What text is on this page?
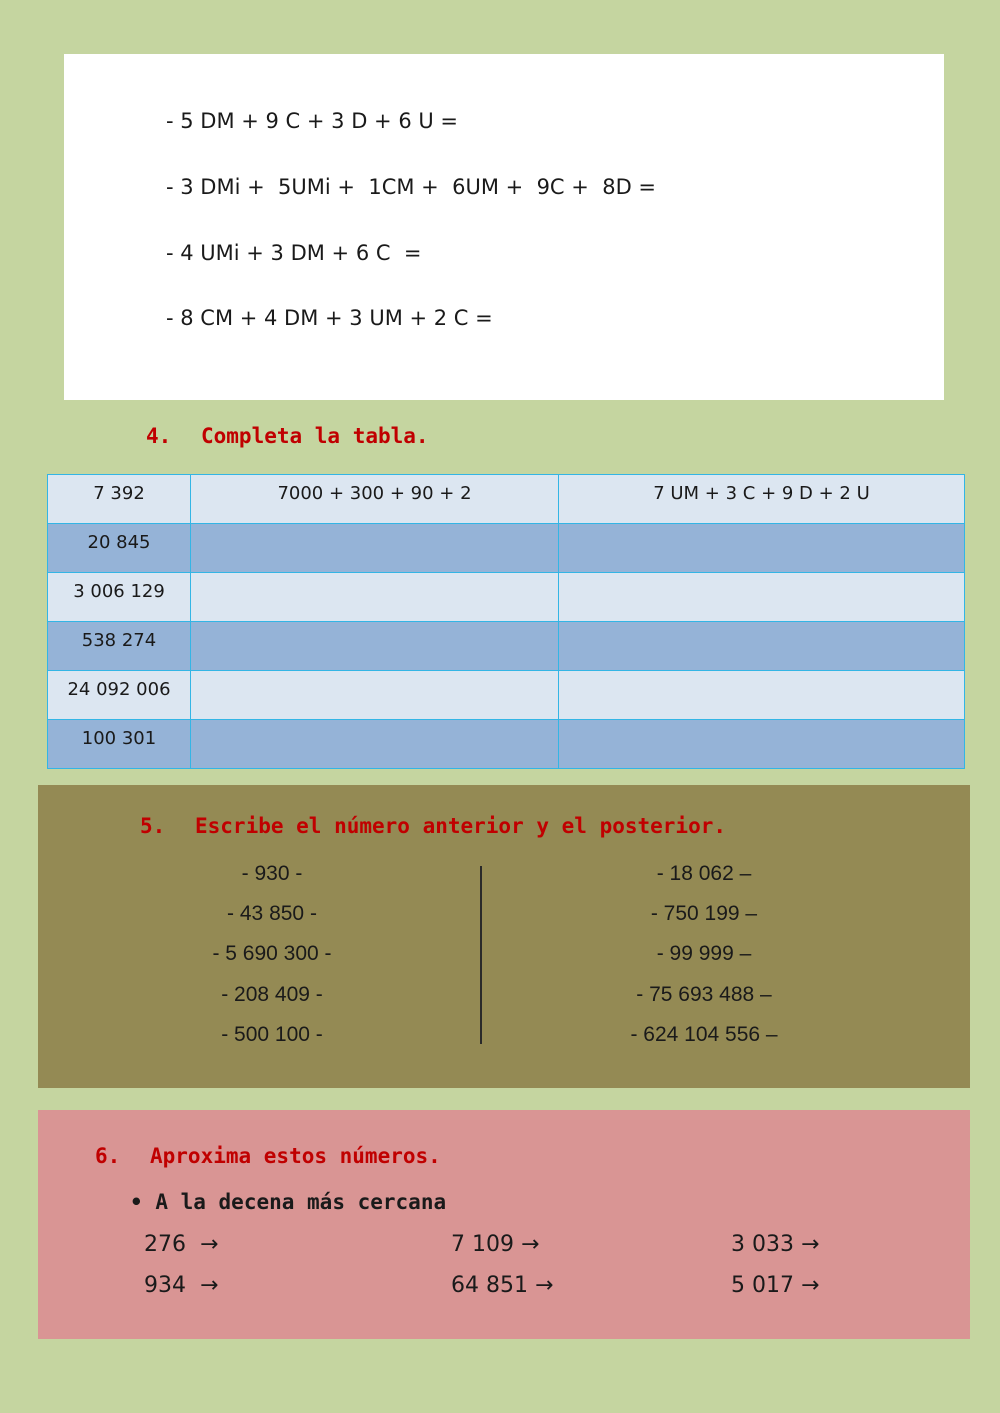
- 5 DM + 9 C + 3 D + 6 U =
- 3 DMi +  5UMi +  1CM +  6UM +  9C +  8D =
- 4 UMi + 3 DM + 6 C  =
- 8 CM + 4 DM + 3 UM + 2 C =
4. Completa la tabla.
7 392	7000 + 300 + 90 + 2	7 UM + 3 C + 9 D + 2 U
20 845		
3 006 129		
538 274		
24 092 006		
100 301		
5. Escribe el número anterior y el posterior.
- 930 -
- 43 850 -
- 5 690 300 -
- 208 409 -
- 500 100 -
- 18 062 –
- 750 199 –
- 99 999 –
- 75 693 488 –
- 624 104 556 –
6. Aproxima estos números.
• A la decena más cercana
276  →	7 109 →	3 033 →
934  →	64 851 →	5 017 →
